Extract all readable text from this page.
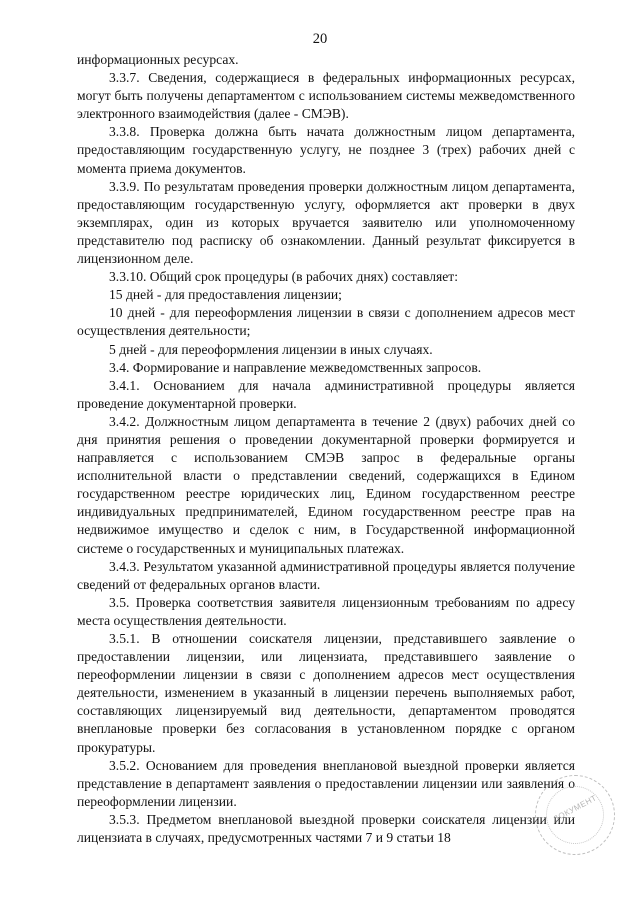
20

информационных ресурсах.

3.3.7. Сведения, содержащиеся в федеральных информационных ресурсах, могут быть получены департаментом с использованием системы межведомственного электронного взаимодействия (далее - СМЭВ).

3.3.8. Проверка должна быть начата должностным лицом департамента, предоставляющим государственную услугу, не позднее 3 (трех) рабочих дней с момента приема документов.

3.3.9. По результатам проведения проверки должностным лицом департамента, предоставляющим государственную услугу, оформляется акт проверки в двух экземплярах, один из которых вручается заявителю или уполномоченному представителю под расписку об ознакомлении. Данный результат фиксируется в лицензионном деле.

3.3.10. Общий срок процедуры (в рабочих днях) составляет:

15 дней - для предоставления лицензии;

10 дней - для переоформления лицензии в связи с дополнением адресов мест осуществления деятельности;

5 дней - для переоформления лицензии в иных случаях.

3.4. Формирование и направление межведомственных запросов.

3.4.1. Основанием для начала административной процедуры является проведение документарной проверки.

3.4.2. Должностным лицом департамента в течение 2 (двух) рабочих дней со дня принятия решения о проведении документарной проверки формируется и направляется с использованием СМЭВ запрос в федеральные органы исполнительной власти о представлении сведений, содержащихся в Едином государственном реестре юридических лиц, Едином государственном реестре индивидуальных предпринимателей, Едином государственном реестре прав на недвижимое имущество и сделок с ним, в Государственной информационной системе о государственных и муниципальных платежах.

3.4.3. Результатом указанной административной процедуры является получение сведений от федеральных органов власти.

3.5. Проверка соответствия заявителя лицензионным требованиям по адресу места осуществления деятельности.

3.5.1. В отношении соискателя лицензии, представившего заявление о предоставлении лицензии, или лицензиата, представившего заявление о переоформлении лицензии в связи с дополнением адресов мест осуществления деятельности, изменением в указанный в лицензии перечень выполняемых работ, составляющих лицензируемый вид деятельности, департаментом проводятся внеплановые проверки без согласования в установленном порядке с органом прокуратуры.

3.5.2. Основанием для проведения внеплановой выездной проверки является представление в департамент заявления о предоставлении лицензии или заявления о переоформлении лицензии.

3.5.3. Предметом внеплановой выездной проверки соискателя лицензии или лицензиата в случаях, предусмотренных частями 7 и 9 статьи 18

ДОКУМЕНТ
